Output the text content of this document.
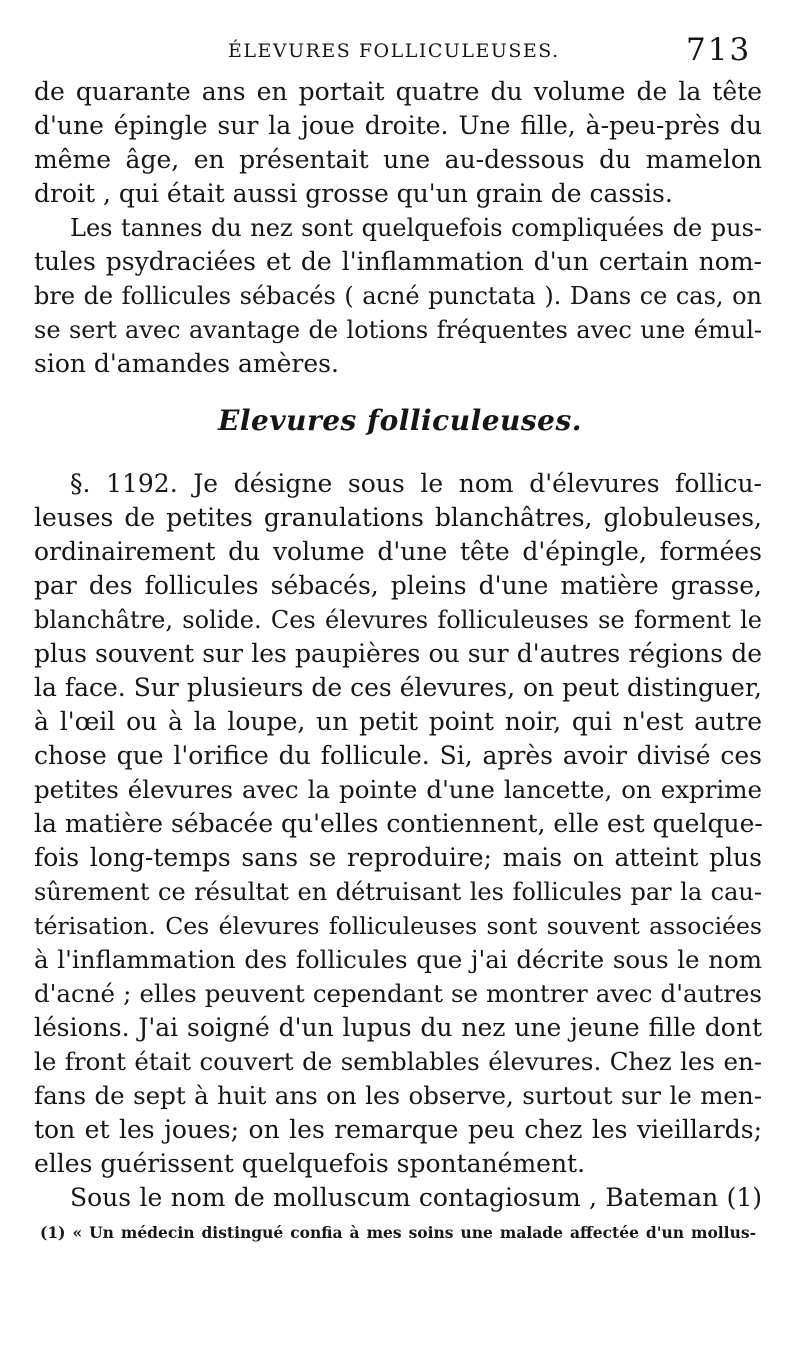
ÉLEVURES FOLLICULEUSES.	713
de quarante ans en portait quatre du volume de la tête
d'une épingle sur la joue droite. Une fille, à-peu-près du
même âge, en présentait une au-dessous du mamelon
droit , qui était aussi grosse qu'un grain de cassis.
Les tannes du nez sont quelquefois compliquées de pus-
tules psydraciées et de l'inflammation d'un certain nom-
bre de follicules sébacés ( acné punctata ). Dans ce cas, on
se sert avec avantage de lotions fréquentes avec une émul-
sion d'amandes amères.
Elevures folliculeuses.
§. 1192. Je désigne sous le nom d'élevures follicu-
leuses de petites granulations blanchâtres, globuleuses,
ordinairement du volume d'une tête d'épingle, formées
par des follicules sébacés, pleins d'une matière grasse,
blanchâtre, solide. Ces élevures folliculeuses se forment le
plus souvent sur les paupières ou sur d'autres régions de
la face. Sur plusieurs de ces élevures, on peut distinguer,
à l'œil ou à la loupe, un petit point noir, qui n'est autre
chose que l'orifice du follicule. Si, après avoir divisé ces
petites élevures avec la pointe d'une lancette, on exprime
la matière sébacée qu'elles contiennent, elle est quelque-
fois long-temps sans se reproduire; mais on atteint plus
sûrement ce résultat en détruisant les follicules par la cau-
térisation. Ces élevures folliculeuses sont souvent associées
à l'inflammation des follicules que j'ai décrite sous le nom
d'acné ; elles peuvent cependant se montrer avec d'autres
lésions. J'ai soigné d'un lupus du nez une jeune fille dont
le front était couvert de semblables élevures. Chez les en-
fans de sept à huit ans on les observe, surtout sur le men-
ton et les joues; on les remarque peu chez les vieillards;
elles guérissent quelquefois spontanément.
Sous le nom de molluscum contagiosum , Bateman (1)
(1) « Un médecin distingué confia à mes soins une malade affectée d'un mollus-
